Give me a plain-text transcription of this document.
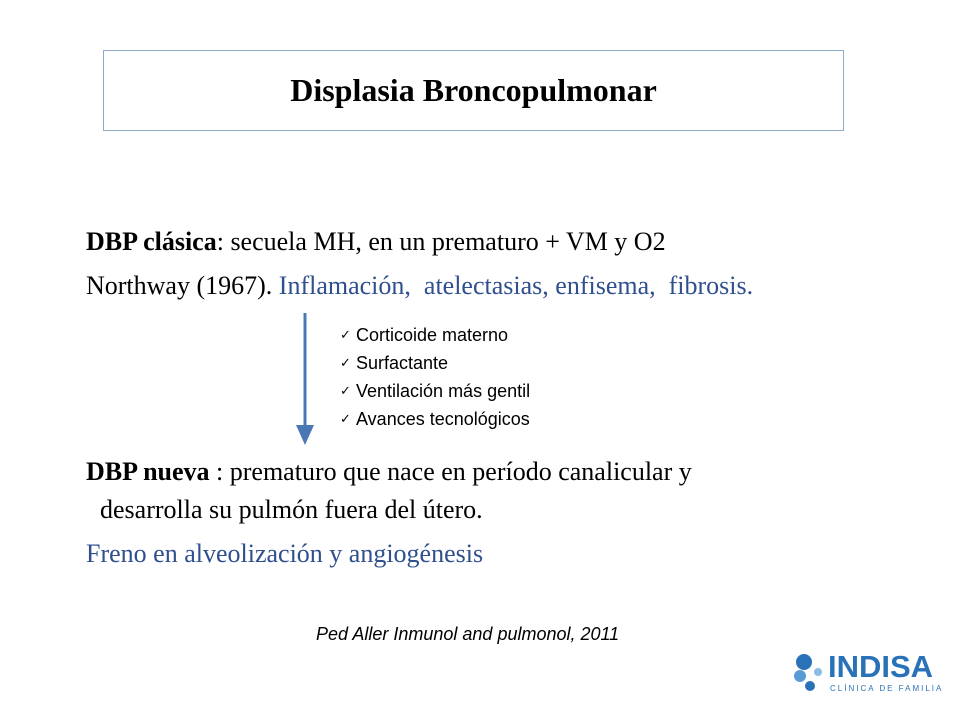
Displasia Broncopulmonar
DBP clásica: secuela MH, en un prematuro + VM y O2
Northway (1967). Inflamación,  atelectasias, enfisema,  fibrosis.
✓ Corticoide materno
✓ Surfactante
✓ Ventilación más gentil
✓ Avances tecnológicos
DBP nueva : prematuro que nace en período canalicular y
desarrolla su pulmón fuera del útero.
Freno en alveolización y angiogénesis
Ped Aller Inmunol and pulmonol, 2011
INDISA
CLÍNICA DE FAMILIA
